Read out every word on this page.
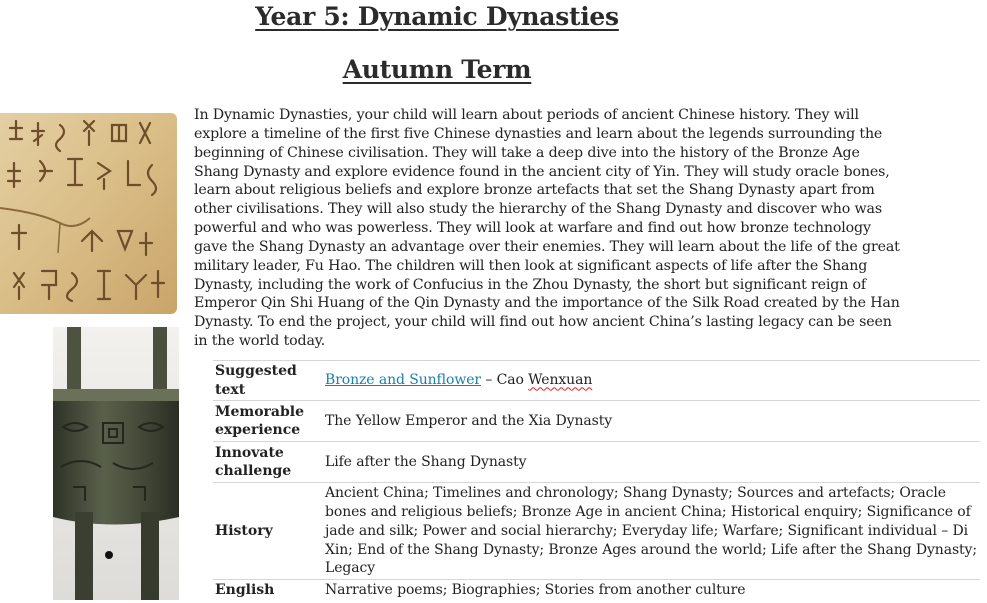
Year 5: Dynamic Dynasties
Autumn Term

In Dynamic Dynasties, your child will learn about periods of ancient Chinese history. They will explore a timeline of the first five Chinese dynasties and learn about the legends surrounding the beginning of Chinese civilisation. They will take a deep dive into the history of the Bronze Age Shang Dynasty and explore evidence found in the ancient city of Yin. They will study oracle bones, learn about religious beliefs and explore bronze artefacts that set the Shang Dynasty apart from other civilisations. They will also study the hierarchy of the Shang Dynasty and discover who was powerful and who was powerless. They will look at warfare and find out how bronze technology gave the Shang Dynasty an advantage over their enemies. They will learn about the life of the great military leader, Fu Hao. The children will then look at significant aspects of life after the Shang Dynasty, including the work of Confucius in the Zhou Dynasty, the short but significant reign of Emperor Qin Shi Huang of the Qin Dynasty and the importance of the Silk Road created by the Han Dynasty. To end the project, your child will find out how ancient China’s lasting legacy can be seen in the world today.

Suggested text	Bronze and Sunflower – Cao Wenxuan
Memorable
experience	The Yellow Emperor and the Xia Dynasty
Innovate
challenge	Life after the Shang Dynasty
History	Ancient China; Timelines and chronology; Shang Dynasty; Sources and artefacts; Oracle bones and religious beliefs; Bronze Age in ancient China; Historical enquiry; Significance of jade and silk; Power and social hierarchy; Everyday life; Warfare; Significant individual – Di Xin; End of the Shang Dynasty; Bronze Ages around the world; Life after the Shang Dynasty; Legacy
English	Narrative poems; Biographies; Stories from another culture
